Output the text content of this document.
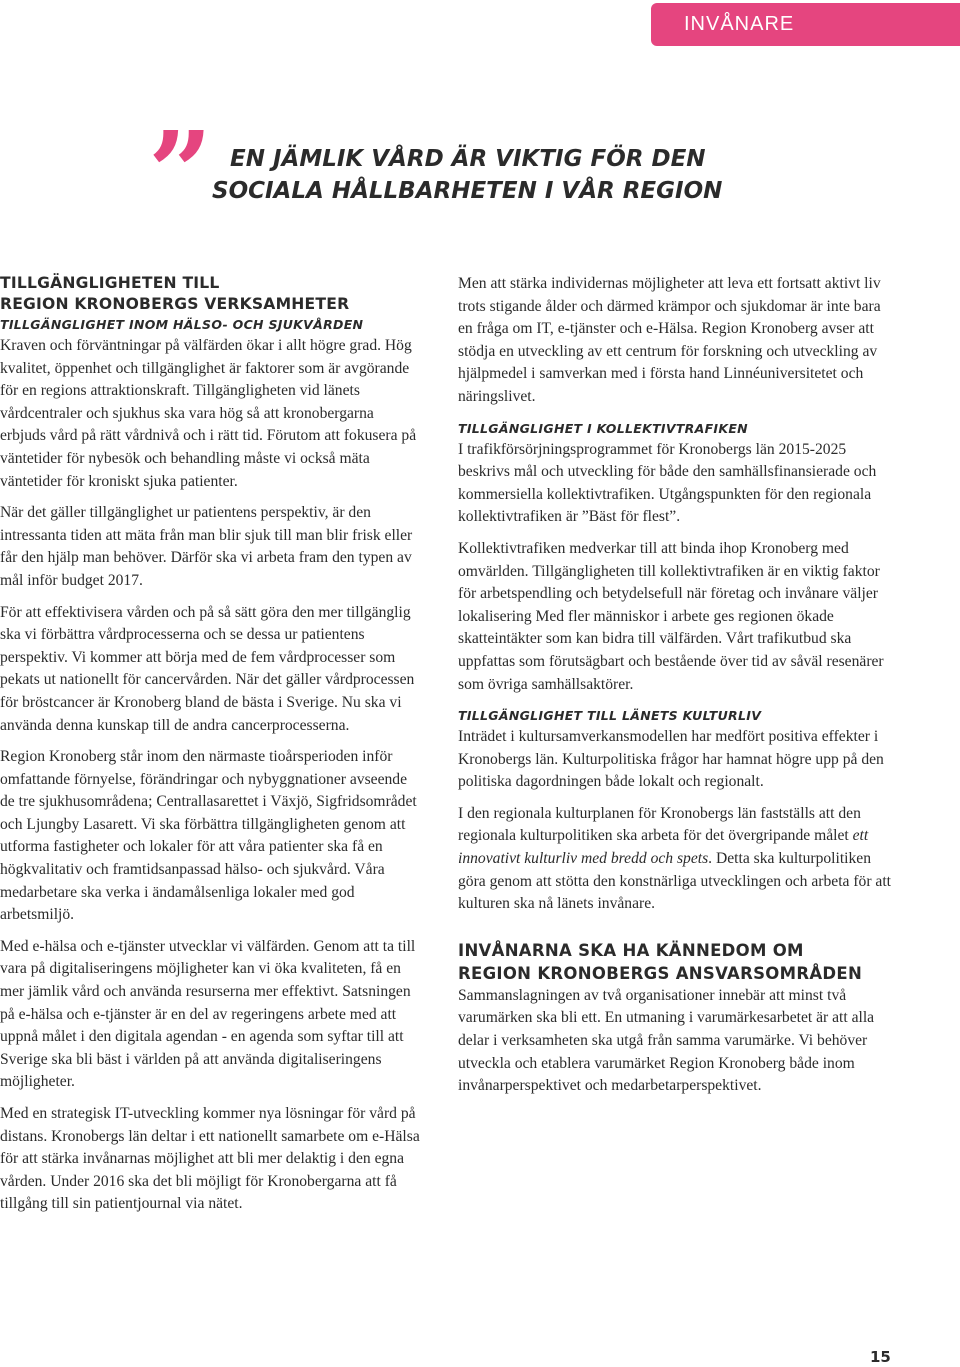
INVÅNARE
” EN JÄMLIK VÅRD ÄR VIKTIG FÖR DEN
SOCIALA HÅLLBARHETEN I VÅR REGION
TILLGÄNGLIGHETEN TILL
REGION KRONOBERGS VERKSAMHETER
TILLGÄNGLIGHET INOM HÄLSO- OCH SJUKVÅRDEN

Kraven och förväntningar på välfärden ökar i allt högre grad. Hög kvalitet, öppenhet och tillgänglighet är faktorer som är avgörande för en regions attraktionskraft. Tillgängligheten vid länets vårdcentraler och sjukhus ska vara hög så att kronobergarna erbjuds vård på rätt vårdnivå och i rätt tid. Förutom att fokusera på väntetider för nybesök och behandling måste vi också mäta väntetider för kroniskt sjuka patienter.

När det gäller tillgänglighet ur patientens perspektiv, är den intressanta tiden att mäta från man blir sjuk till man blir frisk eller får den hjälp man behöver. Därför ska vi arbeta fram den typen av mål inför budget 2017.

För att effektivisera vården och på så sätt göra den mer tillgänglig ska vi förbättra vårdprocesserna och se dessa ur patientens perspektiv. Vi kommer att börja med de fem vårdprocesser som pekats ut nationellt för cancervården. När det gäller vårdprocessen för bröstcancer är Kronoberg bland de bästa i Sverige. Nu ska vi använda denna kunskap till de andra cancerprocesserna.

Region Kronoberg står inom den närmaste tioårsperioden inför omfattande förnyelse, förändringar och nybyggnationer avseende de tre sjukhusområdena; Centrallasarettet i Växjö, Sigfridsområdet och Ljungby Lasarett. Vi ska förbättra tillgängligheten genom att utforma fastigheter och lokaler för att våra patienter ska få en högkvalitativ och framtidsanpassad hälso- och sjukvård. Våra medarbetare ska verka i ändamålsenliga lokaler med god arbetsmiljö.

Med e-hälsa och e-tjänster utvecklar vi välfärden. Genom att ta till vara på digitaliseringens möjligheter kan vi öka kvaliteten, få en mer jämlik vård och använda resurserna mer effektivt. Satsningen på e-hälsa och e-tjänster är en del av regeringens arbete med att uppnå målet i den digitala agendan - en agenda som syftar till att Sverige ska bli bäst i världen på att använda digitaliseringens möjligheter.

Med en strategisk IT-utveckling kommer nya lösningar för vård på distans. Kronobergs län deltar i ett nationellt samarbete om e-Hälsa för att stärka invånarnas möjlighet att bli mer delaktig i den egna vården. Under 2016 ska det bli möjligt för Kronobergarna att få tillgång till sin patientjournal via nätet.

Men att stärka individernas möjligheter att leva ett fortsatt aktivt liv trots stigande ålder och därmed krämpor och sjukdomar är inte bara en fråga om IT, e-tjänster och e-Hälsa. Region Kronoberg avser att stödja en utveckling av ett centrum för forskning och utveckling av hjälpmedel i samverkan med i första hand Linnéuniversitetet och näringslivet.

TILLGÄNGLIGHET I KOLLEKTIVTRAFIKEN

I trafikförsörjningsprogrammet för Kronobergs län 2015-2025 beskrivs mål och utveckling för både den samhällsfinansierade och kommersiella kollektivtrafiken. Utgångspunkten för den regionala kollektivtrafiken är ”Bäst för flest”.

Kollektivtrafiken medverkar till att binda ihop Kronoberg med omvärlden. Tillgängligheten till kollektivtrafiken är en viktig faktor för arbetspendling och betydelsefull när företag och invånare väljer lokalisering Med fler människor i arbete ges regionen ökade skatteintäkter som kan bidra till välfärden. Vårt trafikutbud ska uppfattas som förutsägbart och bestående över tid av såväl resenärer som övriga samhällsaktörer.

TILLGÄNGLIGHET TILL LÄNETS KULTURLIV

Inträdet i kultursamverkansmodellen har medfört positiva effekter i Kronobergs län. Kulturpolitiska frågor har hamnat högre upp på den politiska dagordningen både lokalt och regionalt.

I den regionala kulturplanen för Kronobergs län fastställs att den regionala kulturpolitiken ska arbeta för det övergripande målet ett innovativt kulturliv med bredd och spets. Detta ska kulturpolitiken göra genom att stötta den konstnärliga utvecklingen och arbeta för att kulturen ska nå länets invånare.

INVÅNARNA SKA HA KÄNNEDOM OM
REGION KRONOBERGS ANSVARSOMRÅDEN

Sammanslagningen av två organisationer innebär att minst två varumärken ska bli ett. En utmaning i varumärkesarbetet är att alla delar i verksamheten ska utgå från samma varumärke. Vi behöver utveckla och etablera varumärket Region Kronoberg både inom invånarperspektivet och medarbetarperspektivet.

15
